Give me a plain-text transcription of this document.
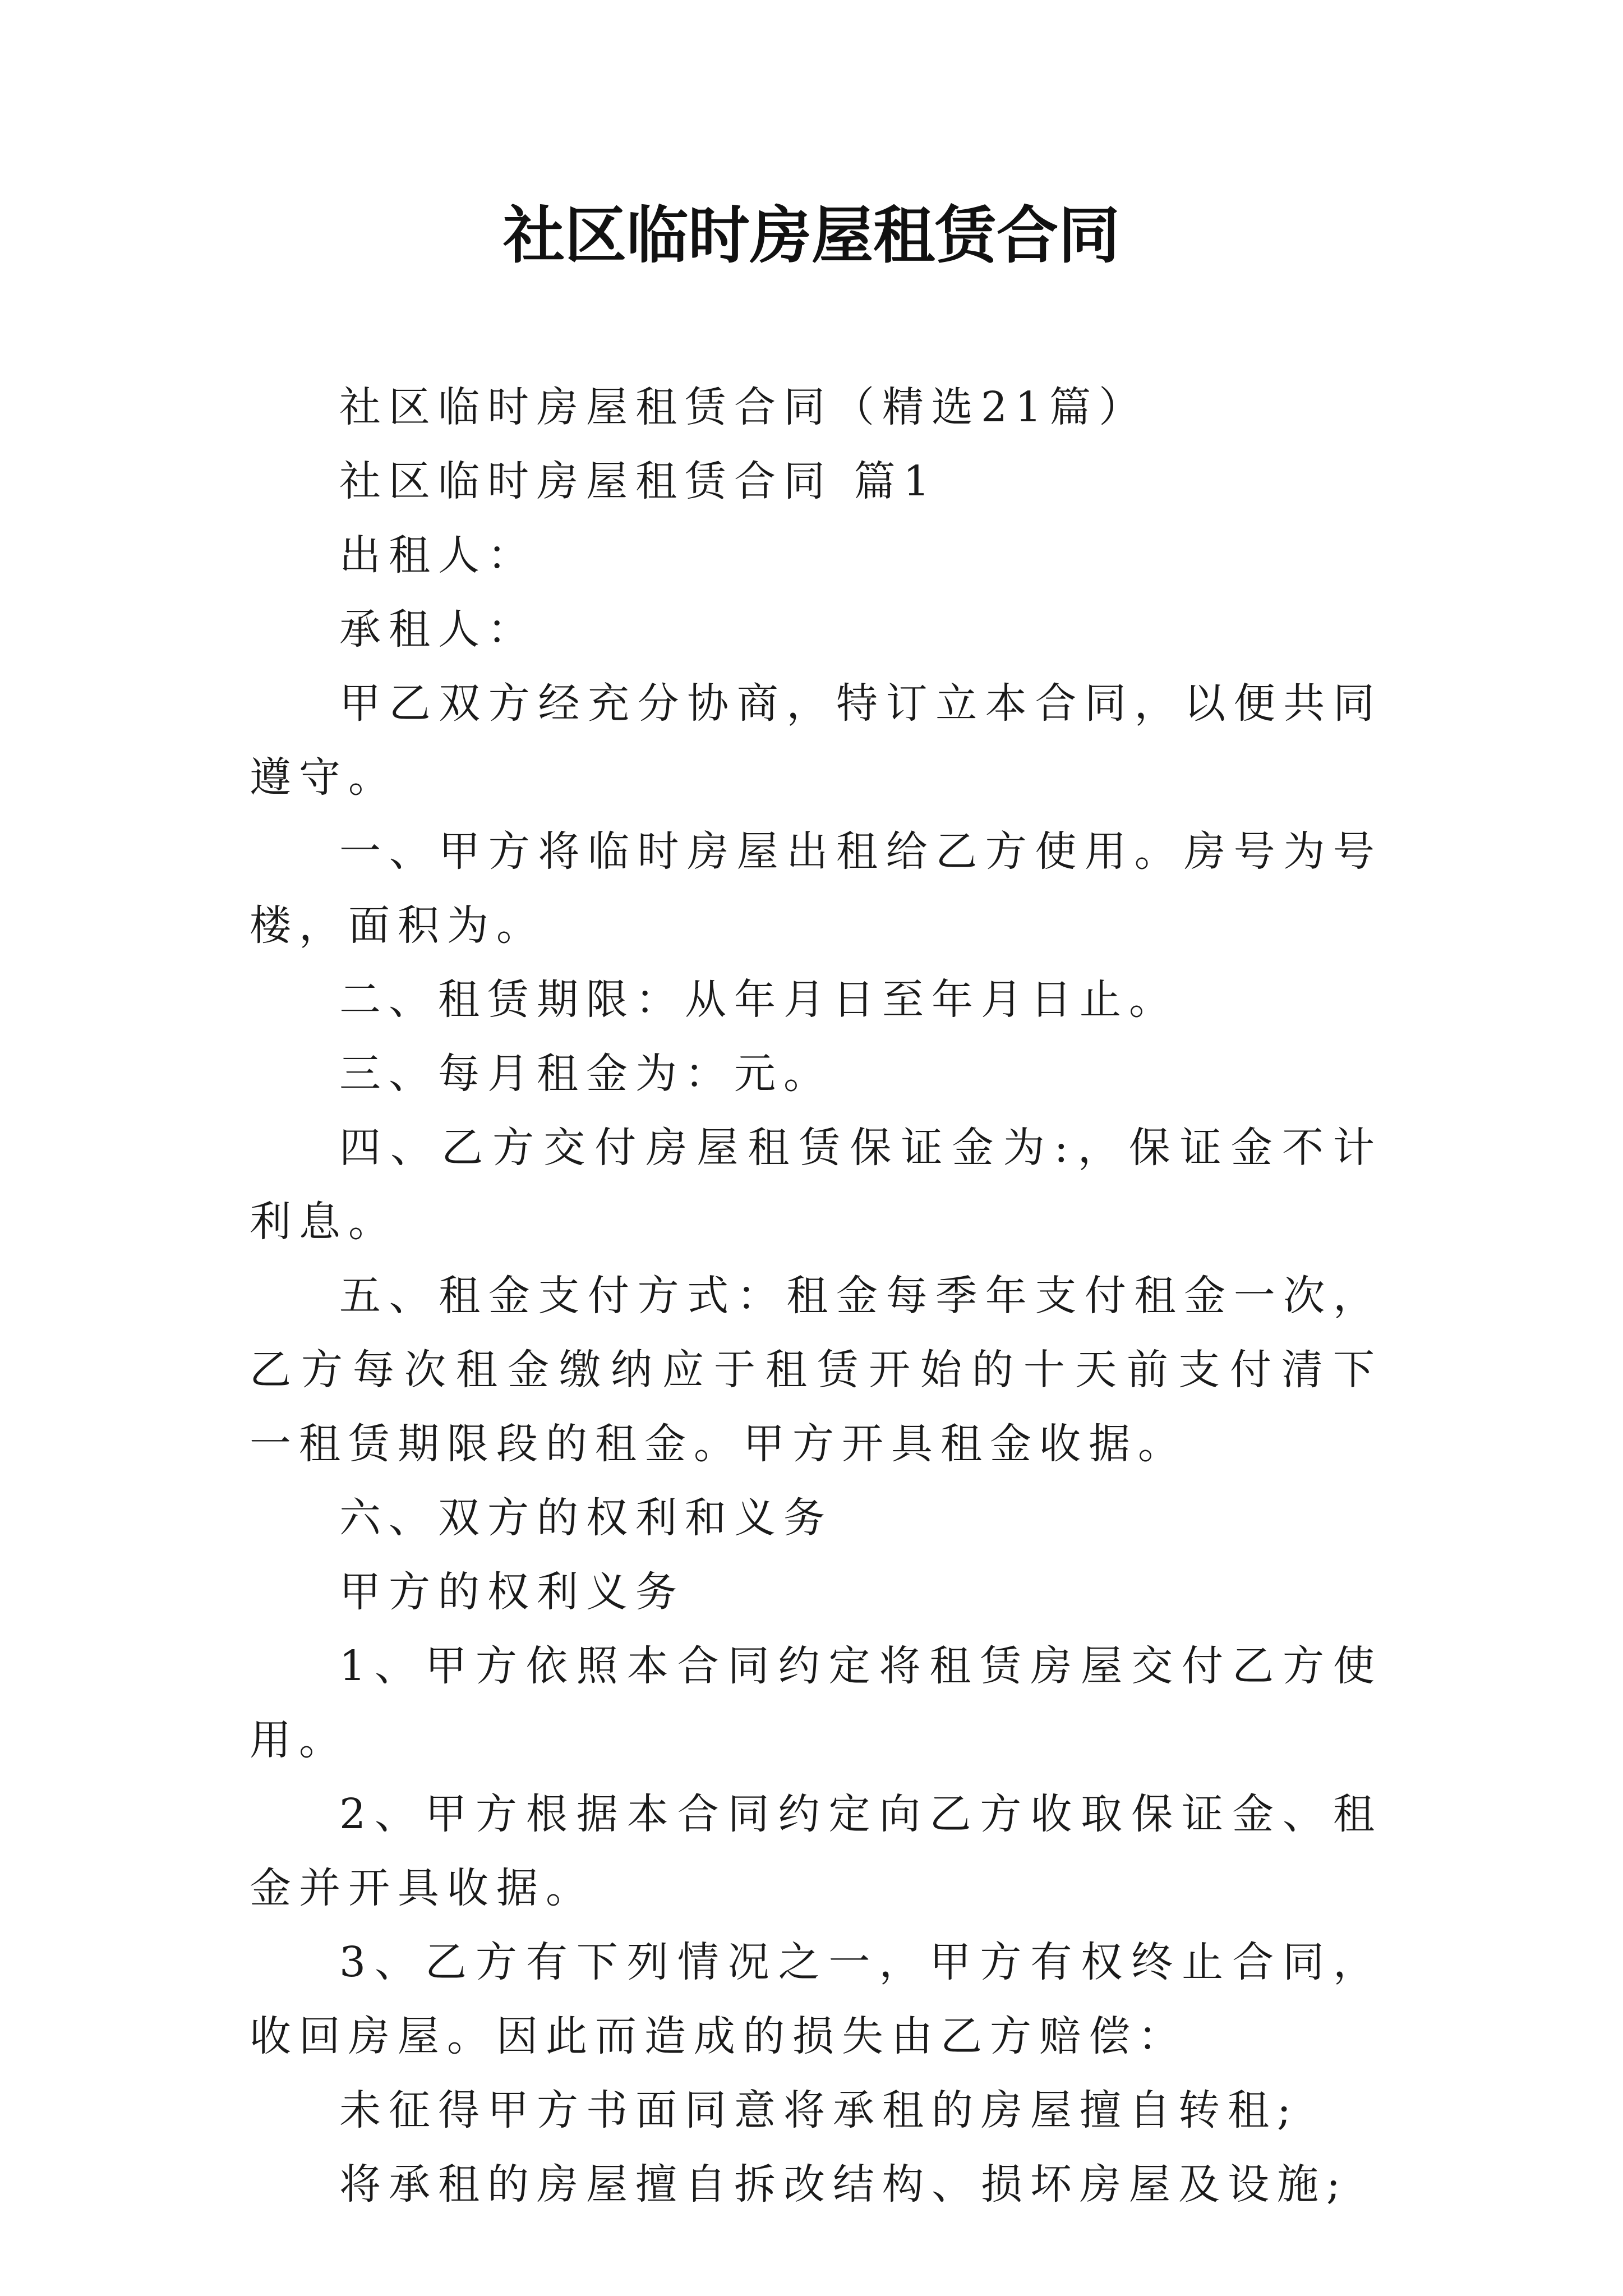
社区临时房屋租赁合同

社区临时房屋租赁合同（精选21篇）

社区临时房屋租赁合同 篇1

出租人：

承租人：

甲乙双方经充分协商，特订立本合同，以便共同遵守。

一、甲方将临时房屋出租给乙方使用。房号为号楼，面积为。

二、租赁期限：从年月日至年月日止。

三、每月租金为：元。

四、乙方交付房屋租赁保证金为:，保证金不计利息。

五、租金支付方式：租金每季年支付租金一次，乙方每次租金缴纳应于租赁开始的十天前支付清下一租赁期限段的租金。甲方开具租金收据。

六、双方的权利和义务

甲方的权利义务

1、甲方依照本合同约定将租赁房屋交付乙方使用。

2、甲方根据本合同约定向乙方收取保证金、租金并开具收据。

3、乙方有下列情况之一，甲方有权终止合同，收回房屋。因此而造成的损失由乙方赔偿：

未征得甲方书面同意将承租的房屋擅自转租;

将承租的房屋擅自拆改结构、损坏房屋及设施;
